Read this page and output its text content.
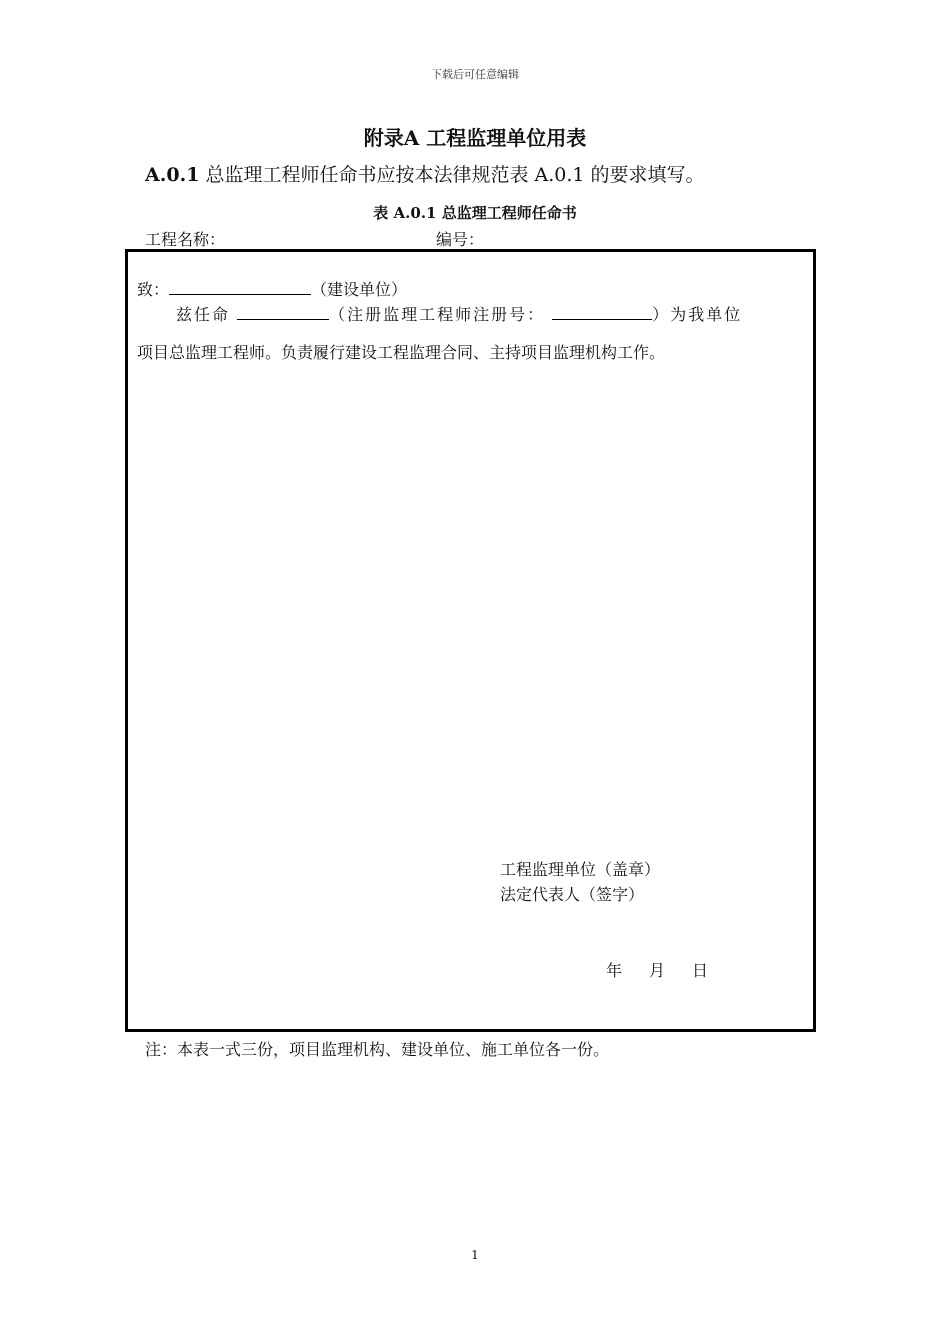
下载后可任意编辑
附录A 工程监理单位用表
A.0.1 总监理工程师任命书应按本法律规范表 A.0.1 的要求填写。
表 A.0.1 总监理工程师任命书
工程名称：	编号：
致：	（建设单位）
兹任命	（注册监理工程师注册号：	）为我单位
项目总监理工程师。负责履行建设工程监理合同、主持项目监理机构工作。
工程监理单位（盖章）
法定代表人（签字）
年 月 日
注：本表一式三份，项目监理机构、建设单位、施工单位各一份。
1
